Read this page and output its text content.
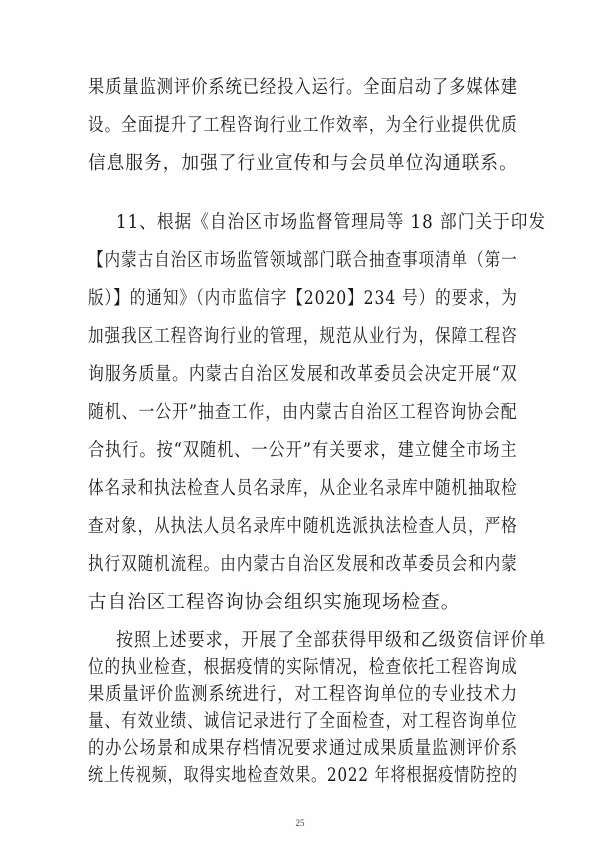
果质量监测评价系统已经投入运行。全面启动了多媒体建
设。全面提升了工程咨询行业工作效率，为全行业提供优质
信息服务，加强了行业宣传和与会员单位沟通联系。
11、根据《自治区市场监督管理局等 18 部门关于印发
【内蒙古自治区市场监管领域部门联合抽查事项清单（第一
版）】的通知》（内市监信字【2020】234 号）的要求，为
加强我区工程咨询行业的管理，规范从业行为，保障工程咨
询服务质量。内蒙古自治区发展和改革委员会决定开展“双
随机、一公开”抽查工作，由内蒙古自治区工程咨询协会配
合执行。按“双随机、一公开”有关要求，建立健全市场主
体名录和执法检查人员名录库，从企业名录库中随机抽取检
查对象，从执法人员名录库中随机选派执法检查人员，严格
执行双随机流程。由内蒙古自治区发展和改革委员会和内蒙
古自治区工程咨询协会组织实施现场检查。
按照上述要求，开展了全部获得甲级和乙级资信评价单
位的执业检查，根据疫情的实际情况，检查依托工程咨询成
果质量评价监测系统进行，对工程咨询单位的专业技术力
量、有效业绩、诚信记录进行了全面检查，对工程咨询单位
的办公场景和成果存档情况要求通过成果质量监测评价系
25
统上传视频，取得实地检查效果。2022 年将根据疫情防控的
